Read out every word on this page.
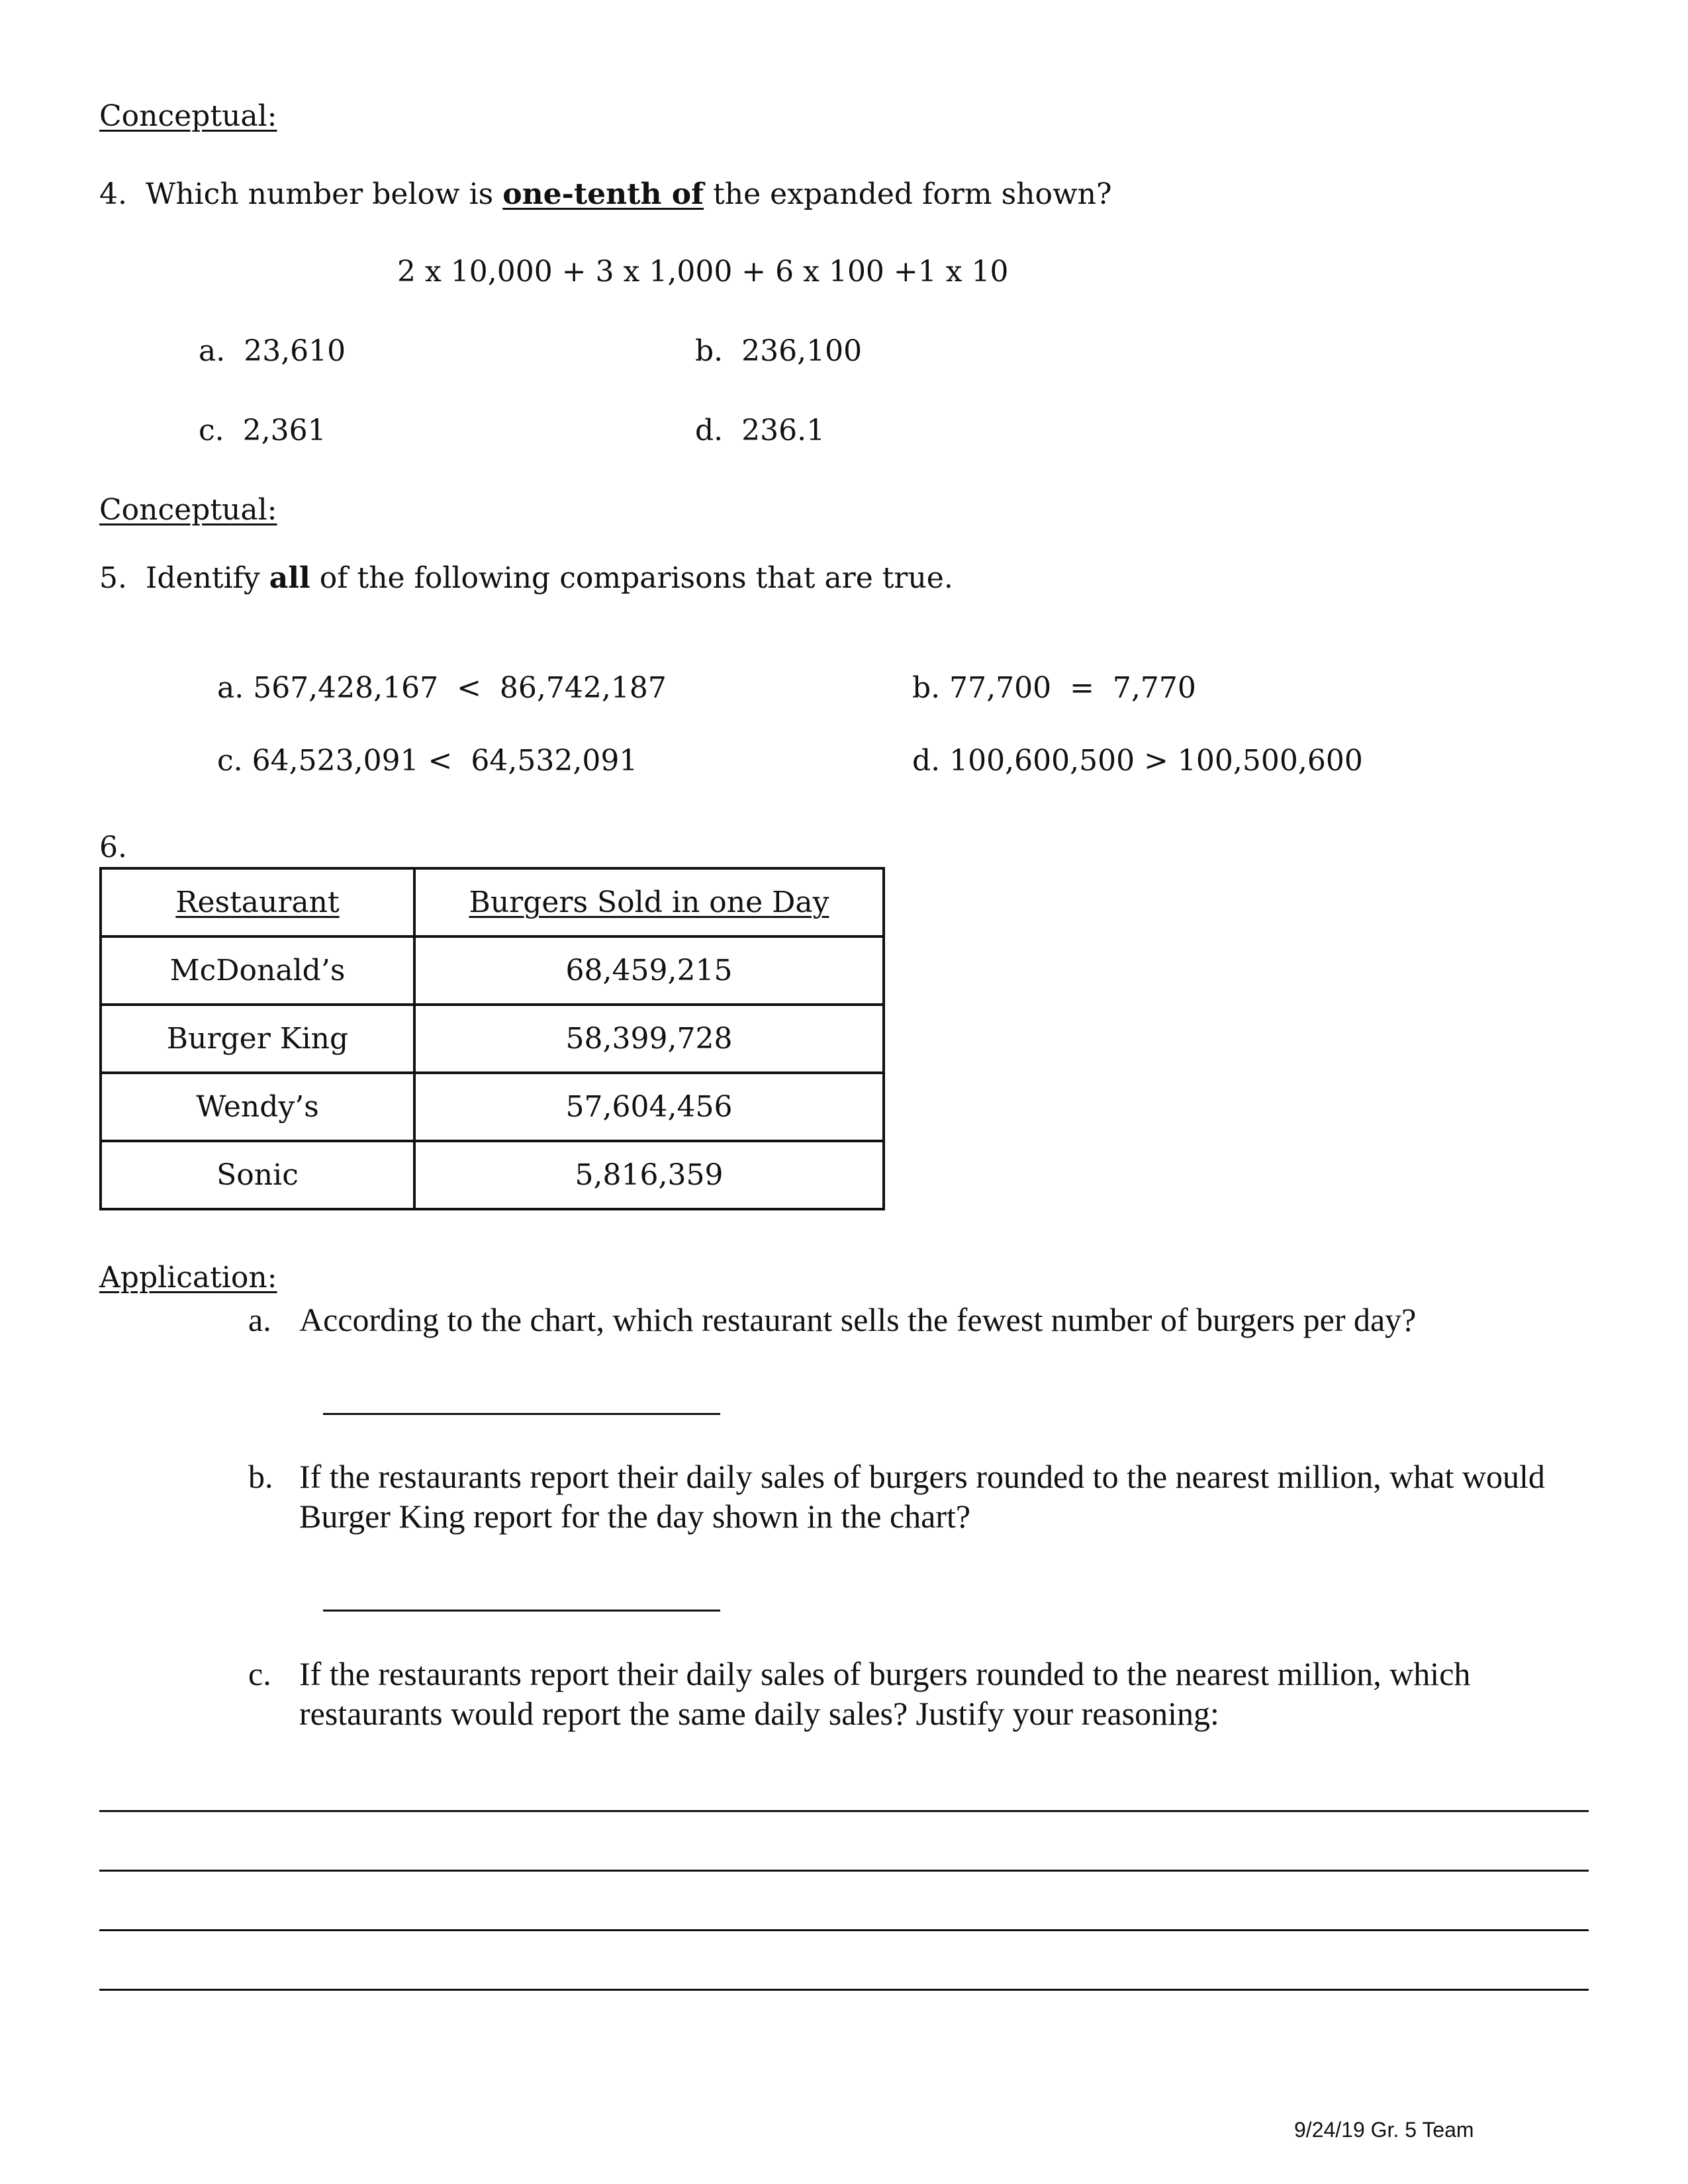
Conceptual:
4. Which number below is one-tenth of the expanded form shown?
2 x 10,000 + 3 x 1,000 + 6 x 100 +1 x 10
a. 23,610	b. 236,100
c. 2,361	d. 236.1
Conceptual:
5. Identify all of the following comparisons that are true.

a. 567,428,167  <  86,742,187	b. 77,700  =  7,770

c. 64,523,091 <  64,532,091	d. 100,600,500 > 100,500,600

6.
Restaurant	Burgers Sold in one Day
McDonald’s	68,459,215
Burger King	58,399,728
Wendy’s	57,604,456
Sonic	5,816,359
Application:
a. According to the chart, which restaurant sells the fewest number of burgers per day?
b. If the restaurants report their daily sales of burgers rounded to the nearest million, what would
Burger King report for the day shown in the chart?
c. If the restaurants report their daily sales of burgers rounded to the nearest million, which
restaurants would report the same daily sales? Justify your reasoning:
9/24/19 Gr. 5 Team
